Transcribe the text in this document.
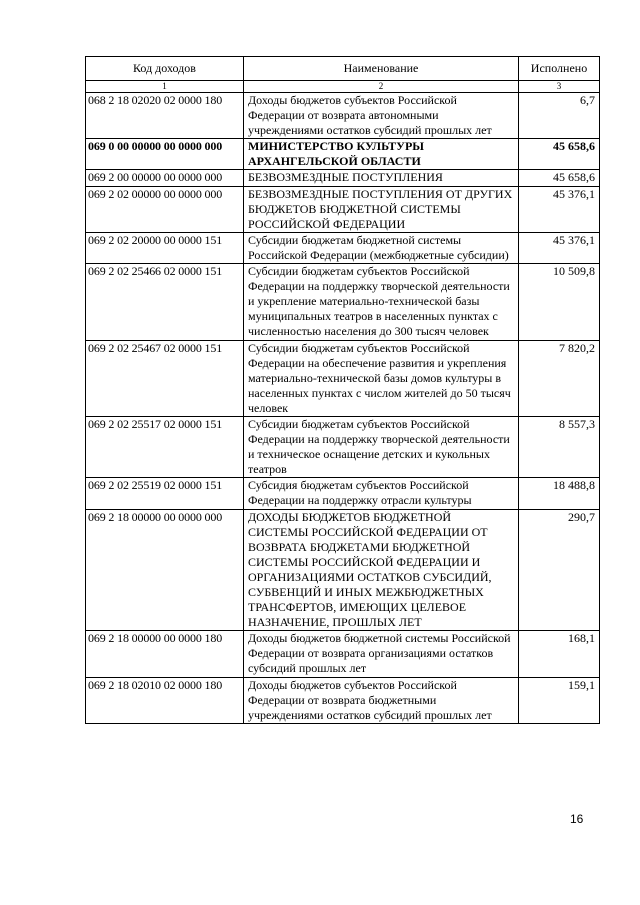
Код доходов	Наименование	Исполнено
1	2	3
068 2 18 02020 02 0000 180	Доходы бюджетов субъектов Российской Федерации от возврата автономными учреждениями остатков субсидий прошлых лет	6,7
069 0 00 00000 00 0000 000	МИНИСТЕРСТВО КУЛЬТУРЫ АРХАНГЕЛЬСКОЙ ОБЛАСТИ	45 658,6
069 2 00 00000 00 0000 000	БЕЗВОЗМЕЗДНЫЕ ПОСТУПЛЕНИЯ	45 658,6
069 2 02 00000 00 0000 000	БЕЗВОЗМЕЗДНЫЕ ПОСТУПЛЕНИЯ ОТ ДРУГИХ БЮДЖЕТОВ БЮДЖЕТНОЙ СИСТЕМЫ РОССИЙСКОЙ ФЕДЕРАЦИИ	45 376,1
069 2 02 20000 00 0000 151	Субсидии бюджетам бюджетной системы Российской Федерации (межбюджетные субсидии)	45 376,1
069 2 02 25466 02 0000 151	Субсидии бюджетам субъектов Российской Федерации на поддержку творческой деятельности и укрепление материально-технической базы муниципальных театров в населенных пунктах с численностью населения до 300 тысяч человек	10 509,8
069 2 02 25467 02 0000 151	Субсидии бюджетам субъектов Российской Федерации на обеспечение развития и укрепления материально-технической базы домов культуры в населенных пунктах с числом жителей до 50 тысяч человек	7 820,2
069 2 02 25517 02 0000 151	Субсидии бюджетам субъектов Российской Федерации на поддержку творческой деятельности и техническое оснащение детских и кукольных театров	8 557,3
069 2 02 25519 02 0000 151	Субсидия бюджетам субъектов Российской Федерации на поддержку отрасли культуры	18 488,8
069 2 18 00000 00 0000 000	ДОХОДЫ БЮДЖЕТОВ БЮДЖЕТНОЙ СИСТЕМЫ РОССИЙСКОЙ ФЕДЕРАЦИИ ОТ ВОЗВРАТА БЮДЖЕТАМИ БЮДЖЕТНОЙ СИСТЕМЫ РОССИЙСКОЙ ФЕДЕРАЦИИ И ОРГАНИЗАЦИЯМИ ОСТАТКОВ СУБСИДИЙ, СУБВЕНЦИЙ И ИНЫХ МЕЖБЮДЖЕТНЫХ ТРАНСФЕРТОВ, ИМЕЮЩИХ ЦЕЛЕВОЕ НАЗНАЧЕНИЕ, ПРОШЛЫХ ЛЕТ	290,7
069 2 18 00000 00 0000 180	Доходы бюджетов бюджетной системы Российской Федерации от возврата организациями остатков субсидий прошлых лет	168,1
069 2 18 02010 02 0000 180	Доходы бюджетов субъектов Российской Федерации от возврата бюджетными учреждениями остатков субсидий прошлых лет	159,1
16
